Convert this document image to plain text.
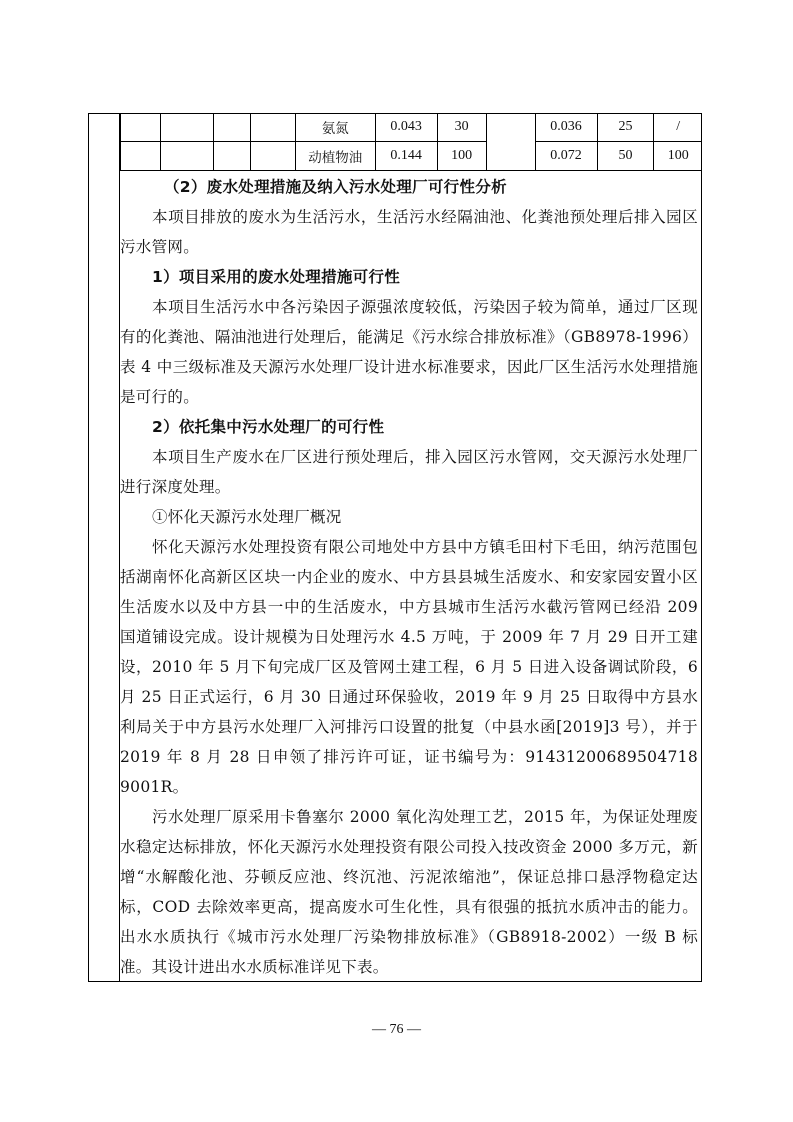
				氨氮	0.043	30		0.036	25	/
				动植物油	0.144	100		0.072	50	100

（2）废水处理措施及纳入污水处理厂可行性分析

本项目排放的废水为生活污水，生活污水经隔油池、化粪池预处理后排入园区污水管网。

1）项目采用的废水处理措施可行性

本项目生活污水中各污染因子源强浓度较低，污染因子较为简单，通过厂区现有的化粪池、隔油池进行处理后，能满足《污水综合排放标准》（GB8978-1996）表 4 中三级标准及天源污水处理厂设计进水标准要求，因此厂区生活污水处理措施是可行的。

2）依托集中污水处理厂的可行性

本项目生产废水在厂区进行预处理后，排入园区污水管网，交天源污水处理厂进行深度处理。

①怀化天源污水处理厂概况

怀化天源污水处理投资有限公司地处中方县中方镇毛田村下毛田，纳污范围包括湖南怀化高新区区块一内企业的废水、中方县县城生活废水、和安家园安置小区生活废水以及中方县一中的生活废水，中方县城市生活污水截污管网已经沿 209 国道铺设完成。设计规模为日处理污水 4.5 万吨，于 2009 年 7 月 29 日开工建设，2010 年 5 月下旬完成厂区及管网土建工程，6 月 5 日进入设备调试阶段，6 月 25 日正式运行，6 月 30 日通过环保验收，2019 年 9 月 25 日取得中方县水利局关于中方县污水处理厂入河排污口设置的批复（中县水函[2019]3 号），并于 2019 年 8 月 28 日申领了排污许可证，证书编号为：91431200689504718 9001R。

污水处理厂原采用卡鲁塞尔 2000 氧化沟处理工艺，2015 年，为保证处理废水稳定达标排放，怀化天源污水处理投资有限公司投入技改资金 2000 多万元，新增“水解酸化池、芬顿反应池、终沉池、污泥浓缩池”，保证总排口悬浮物稳定达标，COD 去除效率更高，提高废水可生化性，具有很强的抵抗水质冲击的能力。出水水质执行《城市污水处理厂污染物排放标准》（GB8918-2002）一级 B 标准。其设计进出水水质标准详见下表。

— 76 —
